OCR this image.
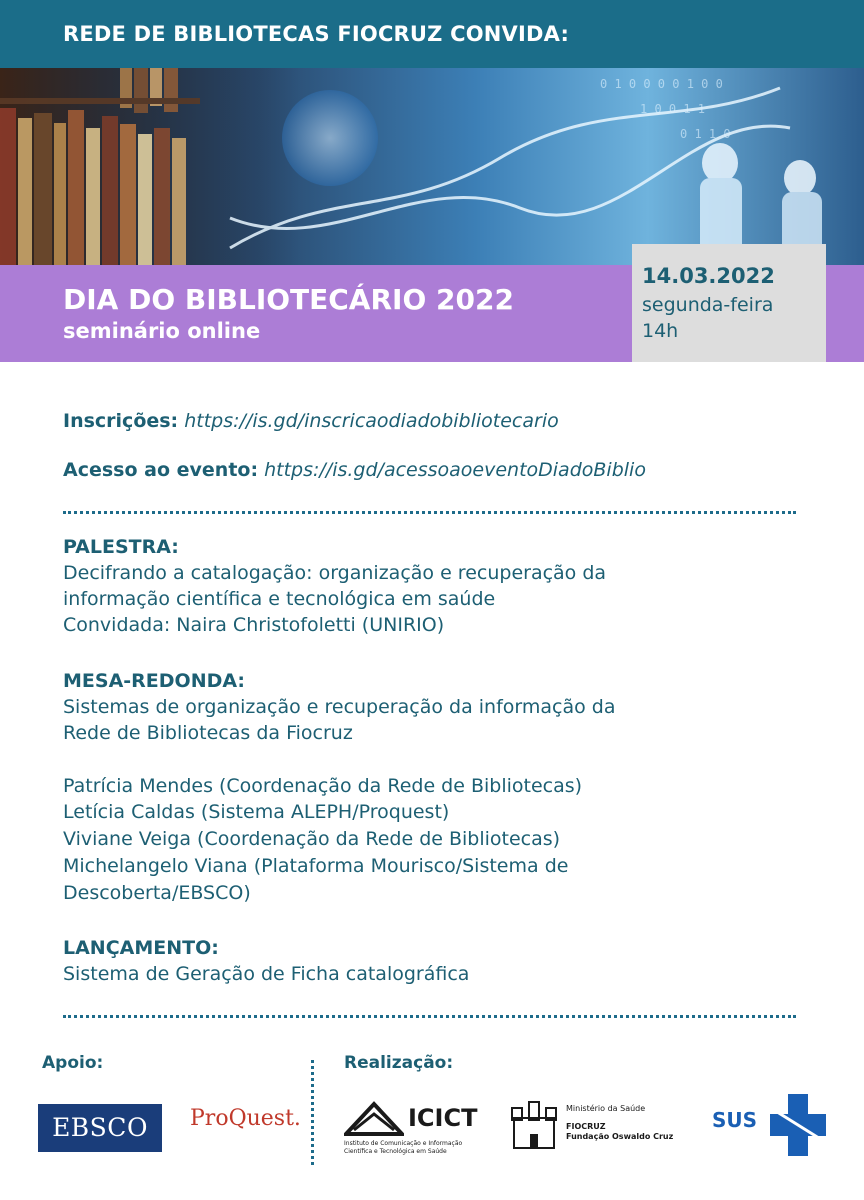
REDE DE BIBLIOTECAS FIOCRUZ CONVIDA:
0 1 0 0 0 0 1 0 0
1 0 0 1 1
0 1 1 0
DIA DO BIBLIOTECÁRIO 2022
seminário online
14.03.2022
segunda-feira
14h
Inscrições: https://is.gd/inscricaodiadobibliotecario
Acesso ao evento: https://is.gd/acessoaoeventoDiadoBiblio
PALESTRA:
Decifrando a catalogação: organização e recuperação da
informação científica e tecnológica em saúde
Convidada: Naira Christofoletti (UNIRIO)
MESA-REDONDA:
Sistemas de organização e recuperação da informação da
Rede de Bibliotecas da Fiocruz
Patrícia Mendes (Coordenação da Rede de Bibliotecas)
Letícia Caldas (Sistema ALEPH/Proquest)
Viviane Veiga (Coordenação da Rede de Bibliotecas)
Michelangelo Viana (Plataforma Mourisco/Sistema de
Descoberta/EBSCO)
LANÇAMENTO:
Sistema de Geração de Ficha catalográfica
Apoio:	Realização:
EBSCO	ProQuest.	ICICT
Instituto de Comunicação e Informação
Científica e Tecnológica em Saúde
Ministério da Saúde
FIOCRUZ
Fundação Oswaldo Cruz
SUS
